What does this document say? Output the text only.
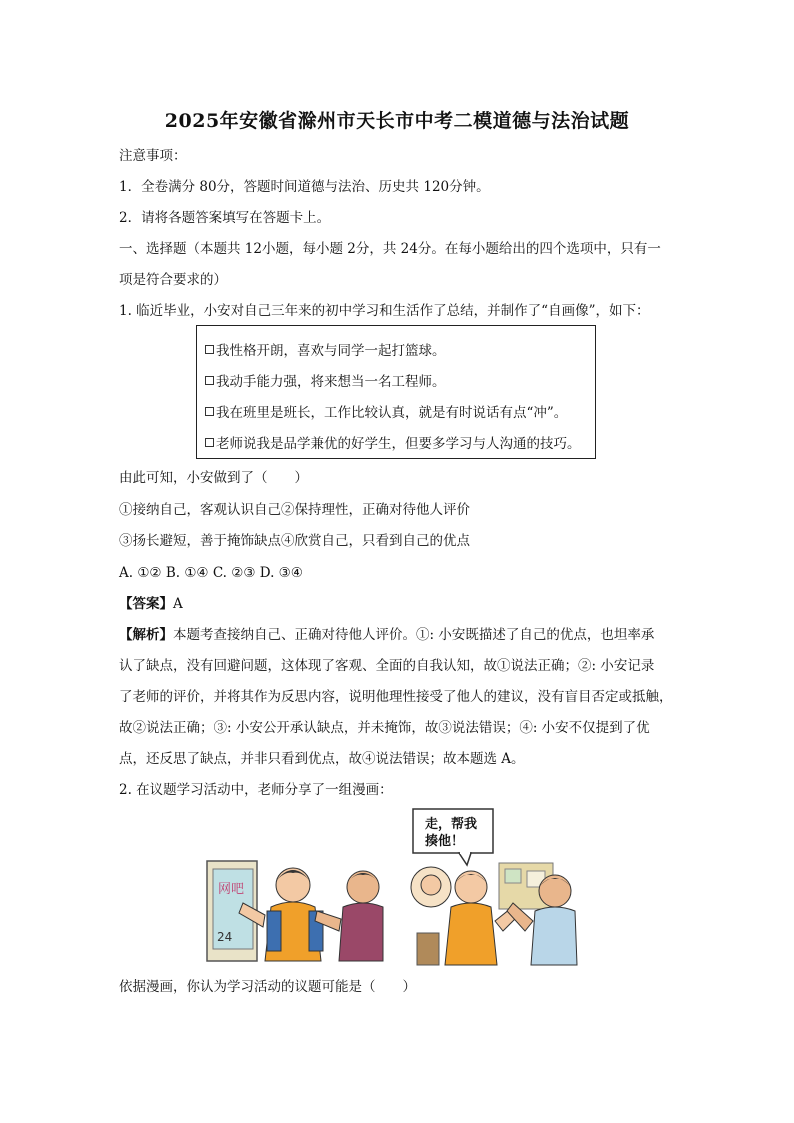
2025年安徽省滁州市天长市中考二模道德与法治试题
注意事项：
1．全卷满分 80分，答题时间道德与法治、历史共 120分钟。
2．请将各题答案填写在答题卡上。
一、选择题（本题共 12小题，每小题 2分，共 24分。在每小题给出的四个选项中，只有一
项是符合要求的）
1. 临近毕业，小安对自己三年来的初中学习和生活作了总结，并制作了“自画像”，如下：
我性格开朗，喜欢与同学一起打篮球。
我动手能力强，将来想当一名工程师。
我在班里是班长，工作比较认真，就是有时说话有点“冲”。
老师说我是品学兼优的好学生，但要多学习与人沟通的技巧。
由此可知，小安做到了（　　）
①接纳自己，客观认识自己②保持理性，正确对待他人评价
③扬长避短，善于掩饰缺点④欣赏自己，只看到自己的优点
A. ①② B. ①④ C. ②③ D. ③④
【答案】A
【解析】本题考查接纳自己、正确对待他人评价。①: 小安既描述了自己的优点，也坦率承
认了缺点，没有回避问题，这体现了客观、全面的自我认知，故①说法正确；②: 小安记录
了老师的评价，并将其作为反思内容，说明他理性接受了他人的建议，没有盲目否定或抵触，
故②说法正确；③: 小安公开承认缺点，并未掩饰，故③说法错误；④: 小安不仅提到了优
点，还反思了缺点，并非只看到优点，故④说法错误；故本题选 A。
2. 在议题学习活动中，老师分享了一组漫画：
网吧
24
走，帮我
揍他！
依据漫画，你认为学习活动的议题可能是（　　）
